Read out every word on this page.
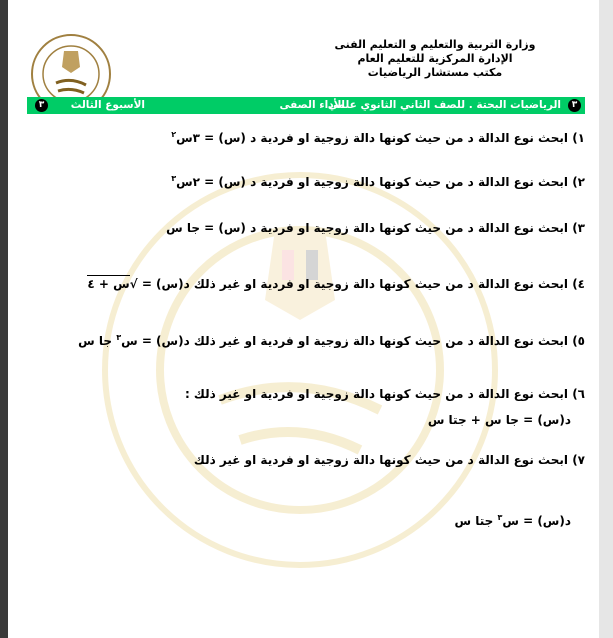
وزارة التربية والتعليم و التعليم الفنى
الإدارة المركزية للتعليم العام
مكتب مستشار الرياضيات
٣
الرياضيات البحتة . للصف الثاني الثانوي علمي
الأداء الصفى
الأسبوع الثالث
٣
١) ابحث نوع الدالة د من حيث كونها دالة زوجية او فردية د (س) = ٣س$^٢$
٢) ابحث نوع الدالة د من حيث كونها دالة زوجية او فردية د (س) = ٢س$^٣$
٣) ابحث نوع الدالة د من حيث كونها دالة زوجية او فردية د (س) = جا س
٤) ابحث نوع الدالة د من حيث كونها دالة زوجية او فردية او غير ذلك د(س) = √س + ٤
٥) ابحث نوع الدالة د من حيث كونها دالة زوجية او فردية او غير ذلك د(س) = س$^٣$ جا س
٦) ابحث نوع الدالة د من حيث كونها دالة زوجية او فردية او غير ذلك :
د(س) = جا س + جتا س
٧) ابحث نوع الدالة د من حيث كونها دالة زوجية او فردية او غير ذلك
د(س) = س$^٣$ جتا س
